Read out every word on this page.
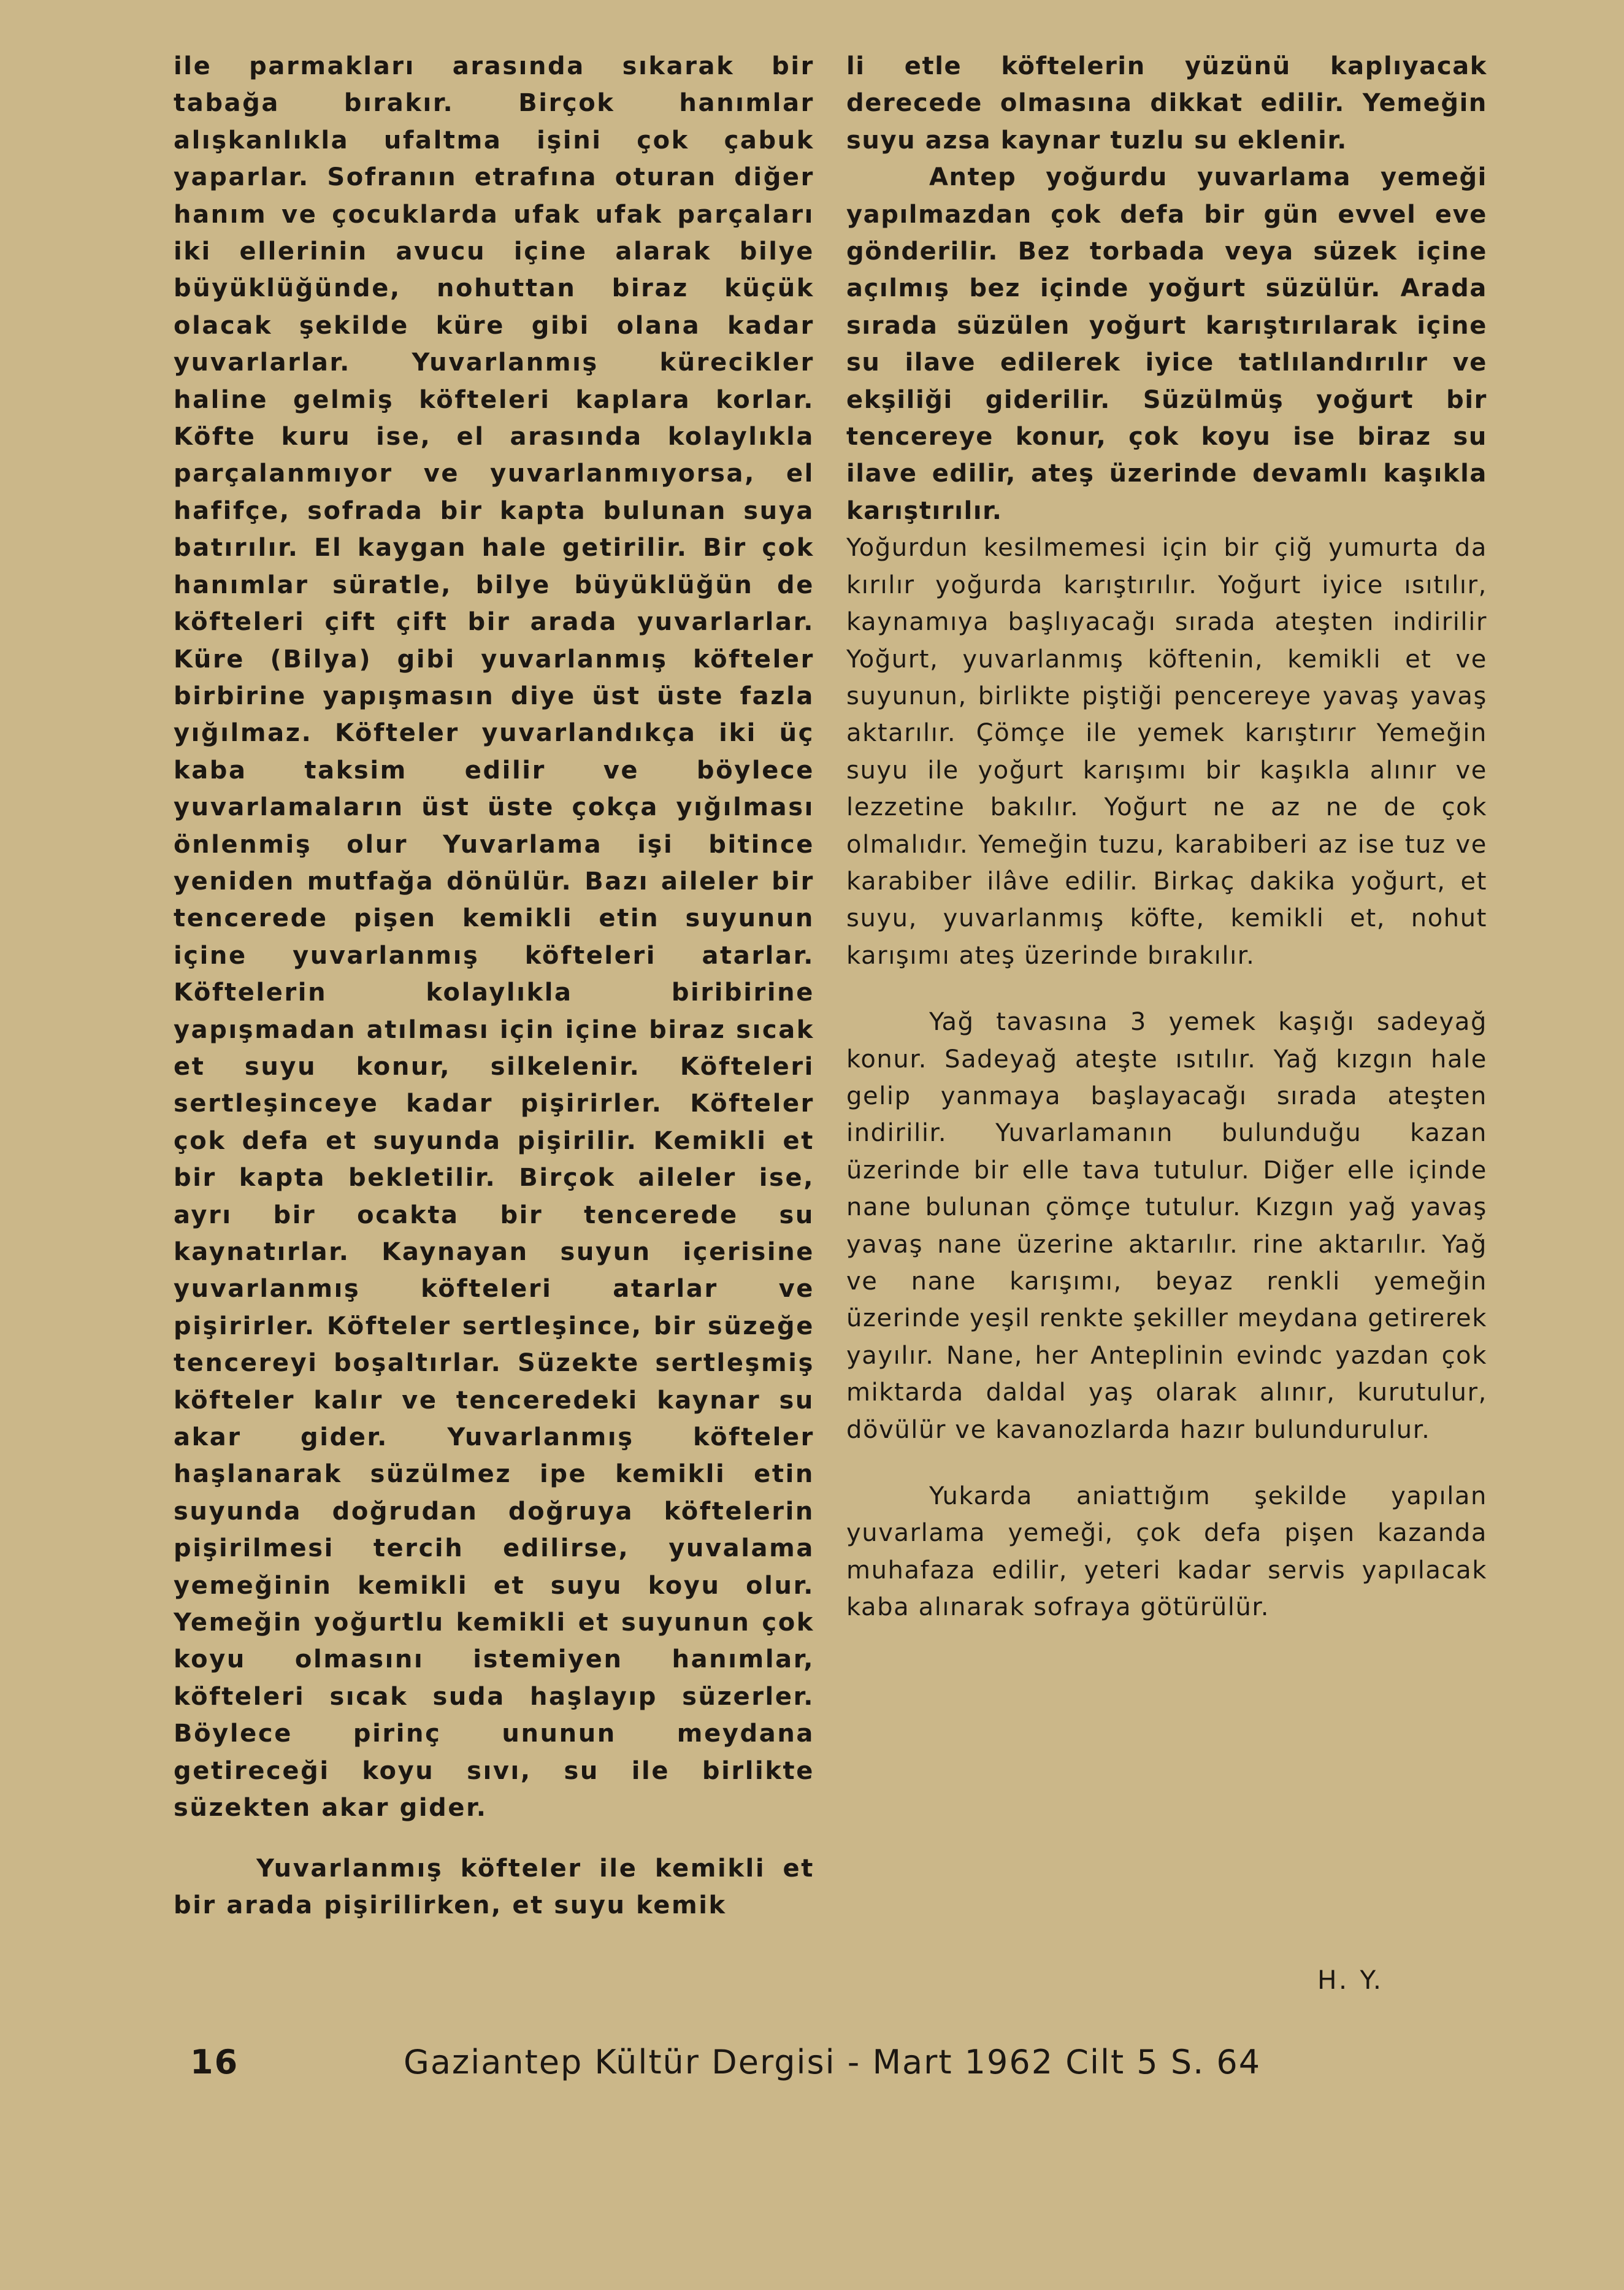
ile parmakları arasında sıkarak bir tabağa bırakır. Birçok hanımlar alışkanlıkla ufaltma işini çok çabuk yaparlar. Sofranın etrafına oturan diğer hanım ve çocuklarda ufak ufak parçaları iki ellerinin avucu içine alarak bilye büyüklüğünde, nohuttan biraz küçük olacak şekilde küre gibi olana kadar yuvarlarlar. Yuvarlanmış kürecikler haline gelmiş köfteleri kaplara korlar. Köfte kuru ise, el arasında kolaylıkla parçalanmıyor ve yuvarlanmıyorsa, el hafifçe, sofrada bir kapta bulunan suya batırılır. El kaygan hale getirilir. Bir çok hanımlar süratle, bilye büyüklüğün de köfteleri çift çift bir arada yuvarlarlar. Küre (Bilya) gibi yuvarlanmış köfteler birbirine yapışmasın diye üst üste fazla yığılmaz. Köfteler yuvarlandıkça iki üç kaba taksim edilir ve böylece yuvarlamaların üst üste çokça yığılması önlenmiş olur Yuvarlama işi bitince yeniden mutfağa dönülür. Bazı aileler bir tencerede pişen kemikli etin suyunun içine yuvarlanmış köfteleri atarlar. Köftelerin kolaylıkla biribirine yapışmadan atılması için içine biraz sıcak et suyu konur, silkelenir. Köfteleri sertleşinceye kadar pişirirler. Köfteler çok defa et suyunda pişirilir. Kemikli et bir kapta bekletilir. Birçok aileler ise, ayrı bir ocakta bir tencerede su kaynatırlar. Kaynayan suyun içerisine yuvarlanmış köfteleri atarlar ve pişirirler. Köfteler sertleşince, bir süzeğe tencereyi boşaltırlar. Süzekte sertleşmiş köfteler kalır ve tenceredeki kaynar su akar gider. Yuvarlanmış köfteler haşlanarak süzülmez ipe kemikli etin suyunda doğrudan doğruya köftelerin pişirilmesi tercih edilirse, yuvalama yemeğinin kemikli et suyu koyu olur. Yemeğin yoğurtlu kemikli et suyunun çok koyu olmasını istemiyen hanımlar, köfteleri sıcak suda haşlayıp süzerler. Böylece pirinç ununun meydana getireceği koyu sıvı, su ile birlikte süzekten akar gider.

Yuvarlanmış köfteler ile kemikli et bir arada pişirilirken, et suyu kemik

li etle köftelerin yüzünü kaplıyacak derecede olmasına dikkat edilir. Yemeğin suyu azsa kaynar tuzlu su eklenir.

Antep yoğurdu yuvarlama yemeği yapılmazdan çok defa bir gün evvel eve gönderilir. Bez torbada veya süzek içine açılmış bez içinde yoğurt süzülür. Arada sırada süzülen yoğurt karıştırılarak içine su ilave edilerek iyice tatlılandırılır ve ekşiliği giderilir. Süzülmüş yoğurt bir tencereye konur, çok koyu ise biraz su ilave edilir, ateş üzerinde devamlı kaşıkla karıştırılır.

Yoğurdun kesilmemesi için bir çiğ yumurta da kırılır yoğurda karıştırılır. Yoğurt iyice ısıtılır, kaynamıya başlıyacağı sırada ateşten indirilir Yoğurt, yuvarlanmış köftenin, kemikli et ve suyunun, birlikte piştiği pencereye yavaş yavaş aktarılır. Çömçe ile yemek karıştırır Yemeğin suyu ile yoğurt karışımı bir kaşıkla alınır ve lezzetine bakılır. Yoğurt ne az ne de çok olmalıdır. Yemeğin tuzu, karabiberi az ise tuz ve karabiber ilâve edilir. Birkaç dakika yoğurt, et suyu, yuvarlanmış köfte, kemikli et, nohut karışımı ateş üzerinde bırakılır.

Yağ tavasına 3 yemek kaşığı sadeyağ konur. Sadeyağ ateşte ısıtılır. Yağ kızgın hale gelip yanmaya başlayacağı sırada ateşten indirilir. Yuvarlamanın bulunduğu kazan üzerinde bir elle tava tutulur. Diğer elle içinde nane bulunan çömçe tutulur. Kızgın yağ yavaş yavaş nane üzerine aktarılır. rine aktarılır. Yağ ve nane karışımı, beyaz renkli yemeğin üzerinde yeşil renkte şekiller meydana getirerek yayılır. Nane, her Anteplinin evindc yazdan çok miktarda daldal yaş olarak alınır, kurutulur, dövülür ve kavanozlarda hazır bulundurulur.

Yukarda aniattığım şekilde yapılan yuvarlama yemeği, çok defa pişen kazanda muhafaza edilir, yeteri kadar servis yapılacak kaba alınarak sofraya götürülür.

H. Y.
16	Gaziantep Kültür Dergisi - Mart 1962 Cilt 5 S. 64
